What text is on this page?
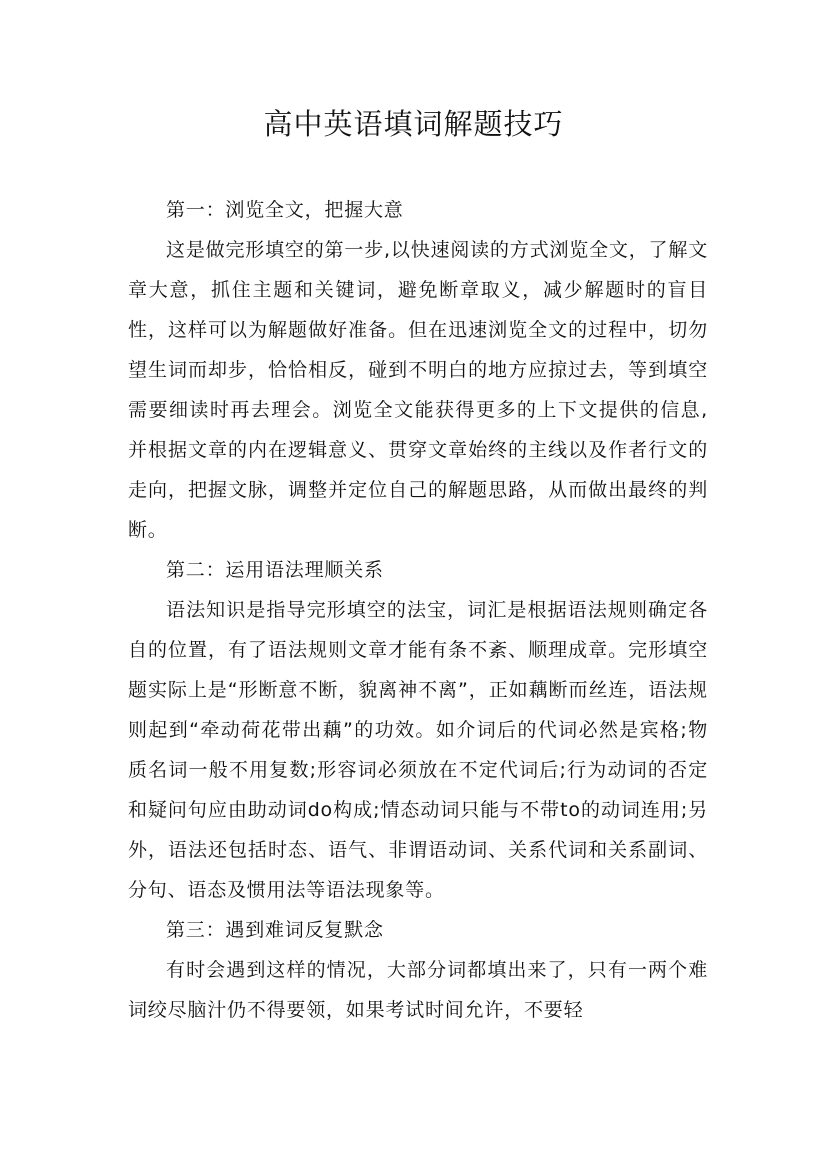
高中英语填词解题技巧

第一：浏览全文，把握大意

这是做完形填空的第一步,以快速阅读的方式浏览全文，了解文章大意，抓住主题和关键词，避免断章取义，减少解题时的盲目性，这样可以为解题做好准备。但在迅速浏览全文的过程中，切勿望生词而却步，恰恰相反，碰到不明白的地方应掠过去，等到填空需要细读时再去理会。浏览全文能获得更多的上下文提供的信息,并根据文章的内在逻辑意义、贯穿文章始终的主线以及作者行文的走向，把握文脉，调整并定位自己的解题思路，从而做出最终的判断。

第二：运用语法理顺关系

语法知识是指导完形填空的法宝，词汇是根据语法规则确定各自的位置，有了语法规则文章才能有条不紊、顺理成章。完形填空题实际上是“形断意不断，貌离神不离”，正如藕断而丝连，语法规则起到“牵动荷花带出藕”的功效。如介词后的代词必然是宾格;物质名词一般不用复数;形容词必须放在不定代词后;行为动词的否定和疑问句应由助动词do构成;情态动词只能与不带to的动词连用;另外，语法还包括时态、语气、非谓语动词、关系代词和关系副词、分句、语态及惯用法等语法现象等。

第三：遇到难词反复默念

有时会遇到这样的情况，大部分词都填出来了，只有一两个难词绞尽脑汁仍不得要领，如果考试时间允许，不要轻
